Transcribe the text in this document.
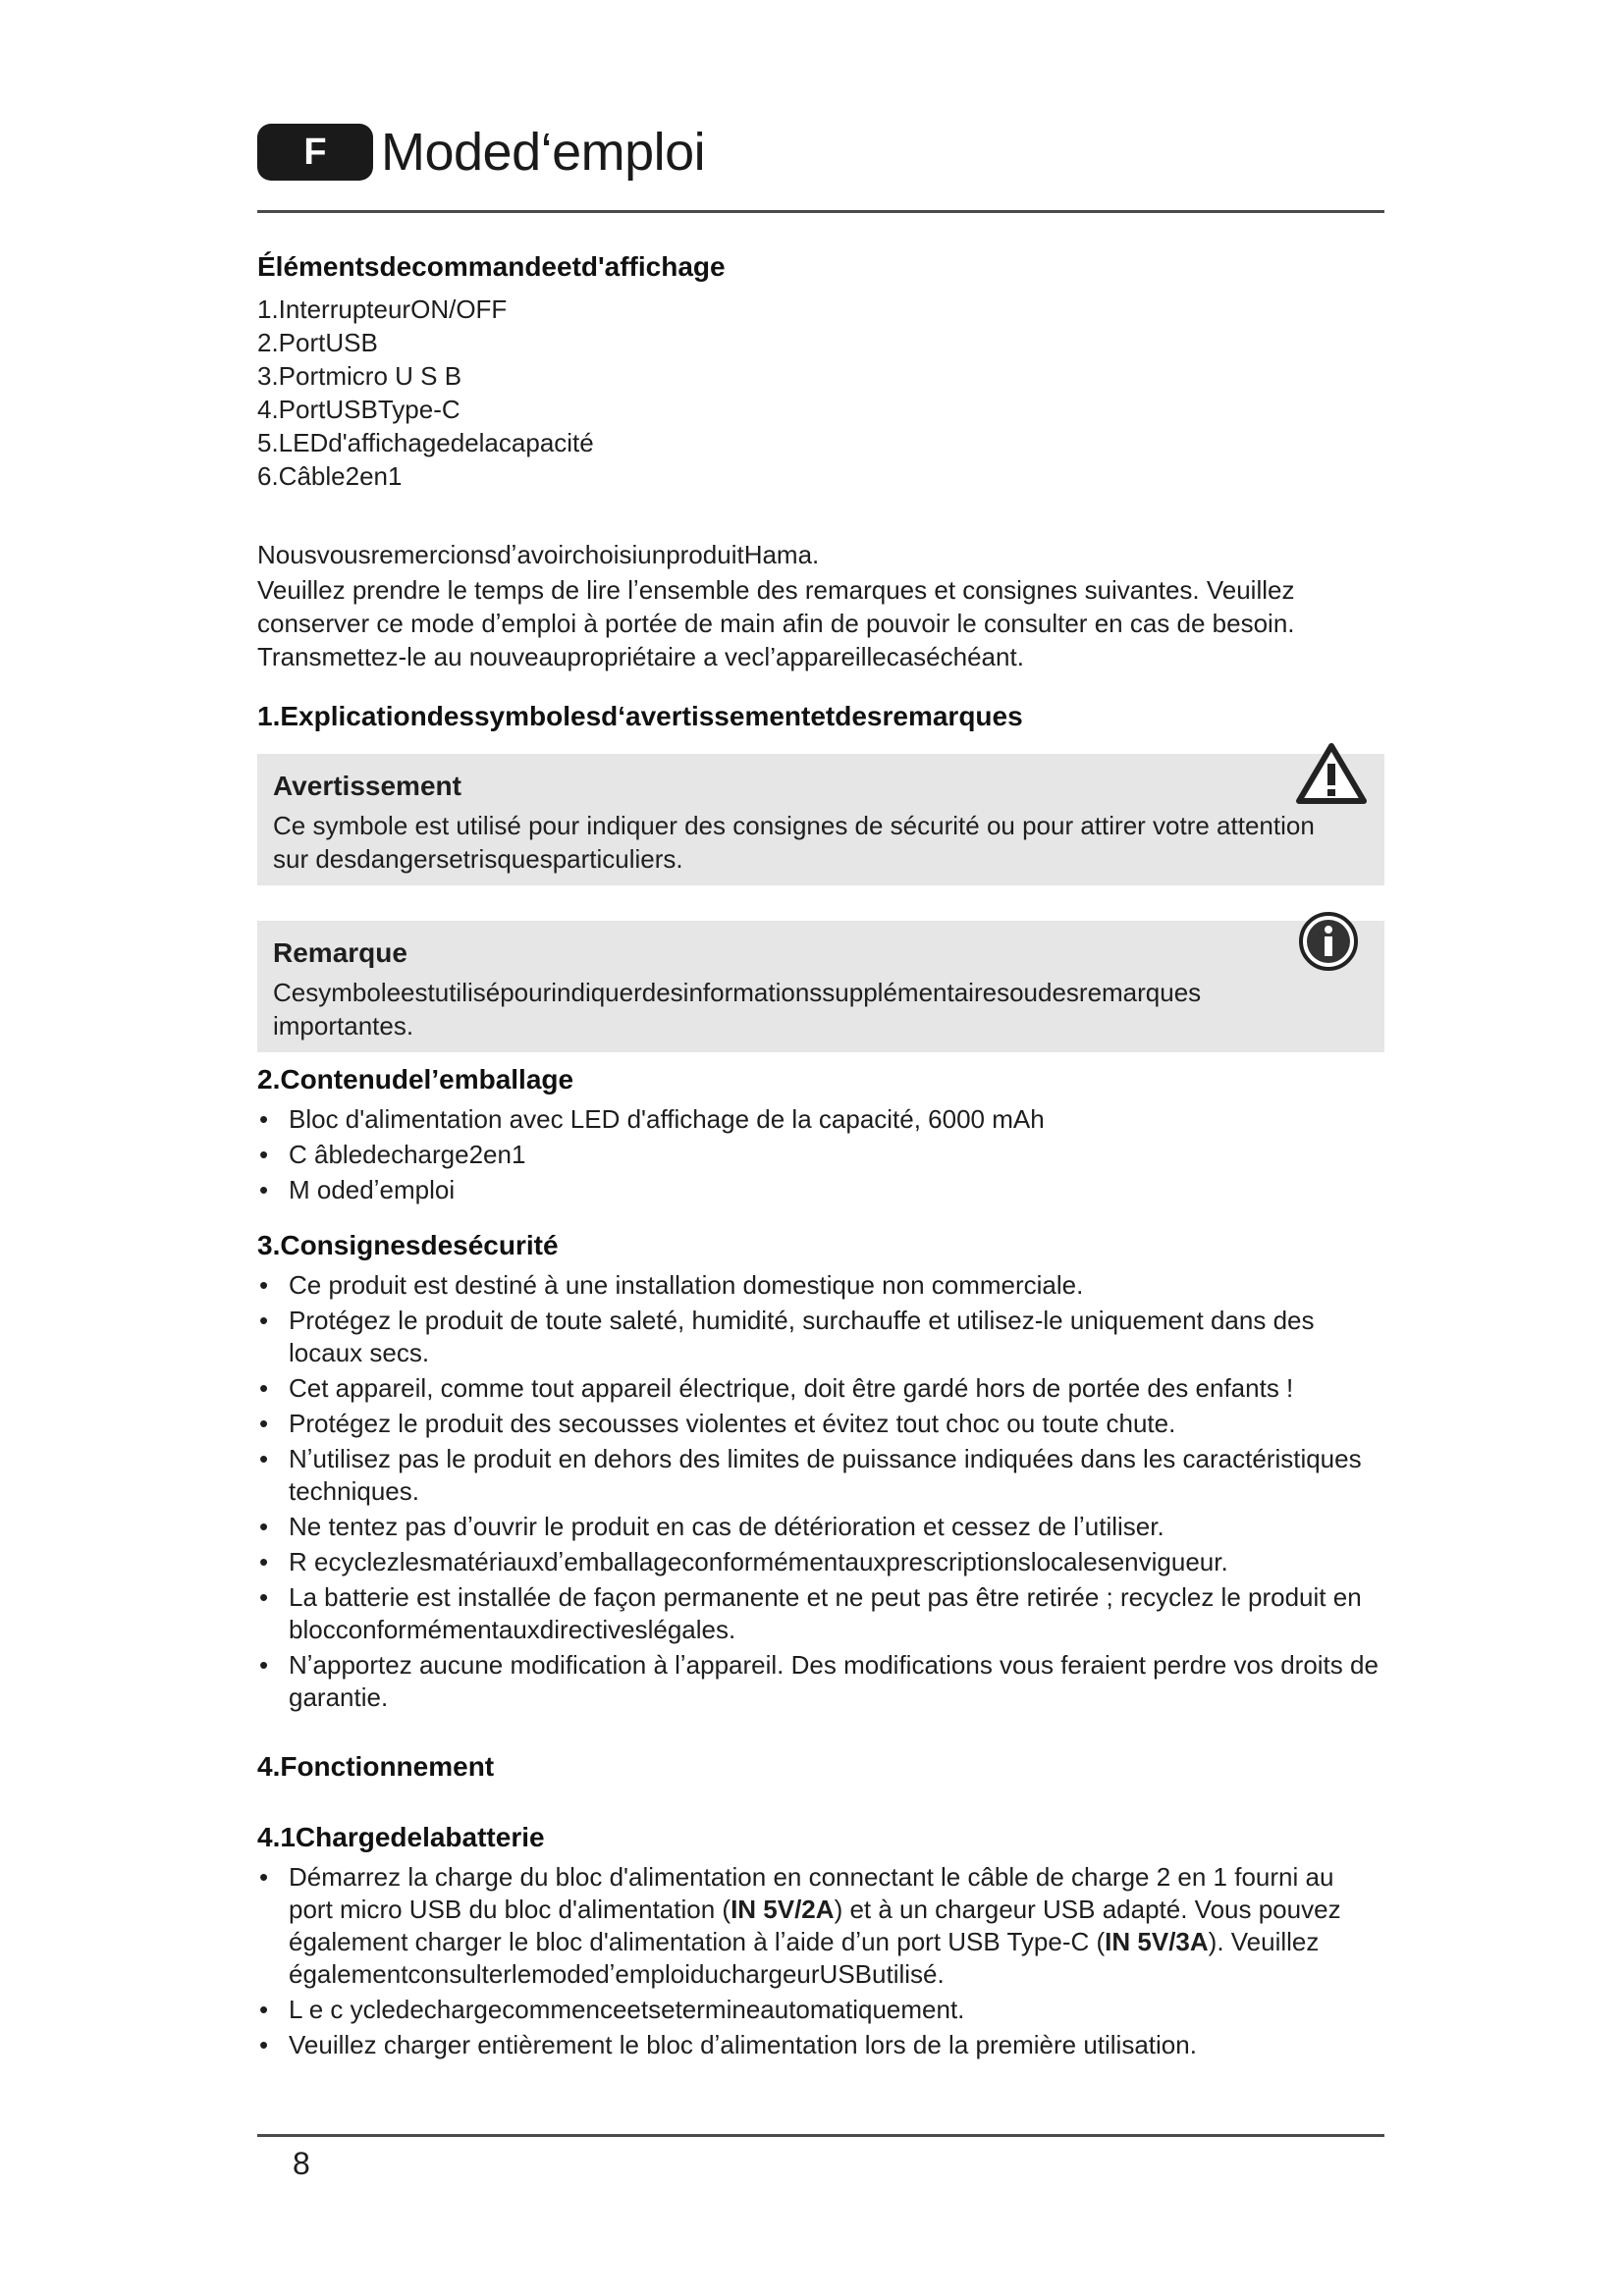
F	Moded‘emploi
Élémentsdecommandeetd'affichage
1.InterrupteurON/OFF
2.PortUSB
3.Portmicro U S B
4.PortUSBType-C
5.LEDd'affichagedelacapacité
6.Câble2en1

NousvousremercionsdʼavoirchoisiunproduitHama.

Veuillez prendre le temps de lire lʼensemble des remarques et consignes suivantes. Veuillez conserver ce mode dʼemploi à portée de main afin de pouvoir le consulter en cas de besoin. Transmettez-le au nouveaupropriétaire a vecl’appareillecaséchéant.

1.Explicationdessymbolesd‘avertissementetdesremarques
Avertissement

Ce symbole est utilisé pour indiquer des consignes de sécurité ou pour attirer votre attention sur desdangersetrisquesparticuliers.

Remarque

Cesymboleestutilisépourindiquerdesinformationssupplémentairesoudesremarques importantes.

2.Contenudel’emballage
• Bloc d'alimentation avec LED d'affichage de la capacité, 6000 mAh
• C âbledecharge2en1
• M odedʼemploi
3.Consignesdesécurité
• Ce produit est destiné à une installation domestique non commerciale.
• Protégez le produit de toute saleté, humidité, surchauffe et utilisez-le uniquement dans des locaux secs.
• Cet appareil, comme tout appareil électrique, doit être gardé hors de portée des enfants !
• Protégez le produit des secousses violentes et évitez tout choc ou toute chute.
• Nʼutilisez pas le produit en dehors des limites de puissance indiquées dans les caractéristiques techniques.
• Ne tentez pas dʼouvrir le produit en cas de détérioration et cessez de lʼutiliser.
• R ecyclezlesmatériauxdʼemballageconformémentauxprescriptionslocalesenvigueur.
• La batterie est installée de façon permanente et ne peut pas être retirée ; recyclez le produit en blocconformémentauxdirectiveslégales.
• Nʼapportez aucune modification à lʼappareil. Des modifications vous feraient perdre vos droits de garantie.
4.Fonctionnement
4.1Chargedelabatterie
• Démarrez la charge du bloc d'alimentation en connectant le câble de charge 2 en 1 fourni au port micro USB du bloc d'alimentation (IN 5V/2A) et à un chargeur USB adapté. Vous pouvez également charger le bloc d'alimentation à lʼaide dʼun port USB Type-C (IN 5V/3A). Veuillez égalementconsulterlemodedʼemploiduchargeurUSButilisé.
• L e c ycledechargecommenceetsetermineautomatiquement.
• Veuillez charger entièrement le bloc dʼalimentation lors de la première utilisation.
8
